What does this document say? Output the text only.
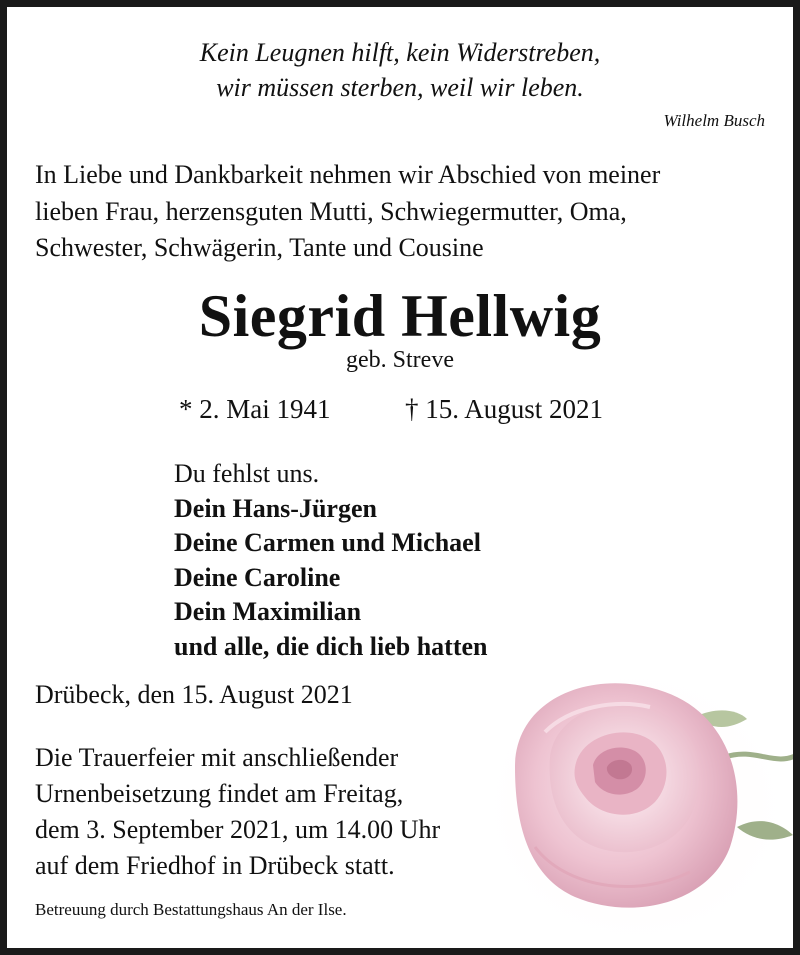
Kein Leugnen hilft, kein Widerstreben,
wir müssen sterben, weil wir leben.
Wilhelm Busch
In Liebe und Dankbarkeit nehmen wir Abschied von meiner
lieben Frau, herzensguten Mutti, Schwiegermutter, Oma,
Schwester, Schwägerin, Tante und Cousine
Siegrid Hellwig
geb. Streve
* 2. Mai 1941	† 15. August 2021
Du fehlst uns.
Dein Hans-Jürgen
Deine Carmen und Michael
Deine Caroline
Dein Maximilian
und alle, die dich lieb hatten
Drübeck, den 15. August 2021
Die Trauerfeier mit anschließender
Urnenbeisetzung findet am Freitag,
dem 3. September 2021, um 14.00 Uhr
auf dem Friedhof in Drübeck statt.
Betreuung durch Bestattungshaus An der Ilse.
